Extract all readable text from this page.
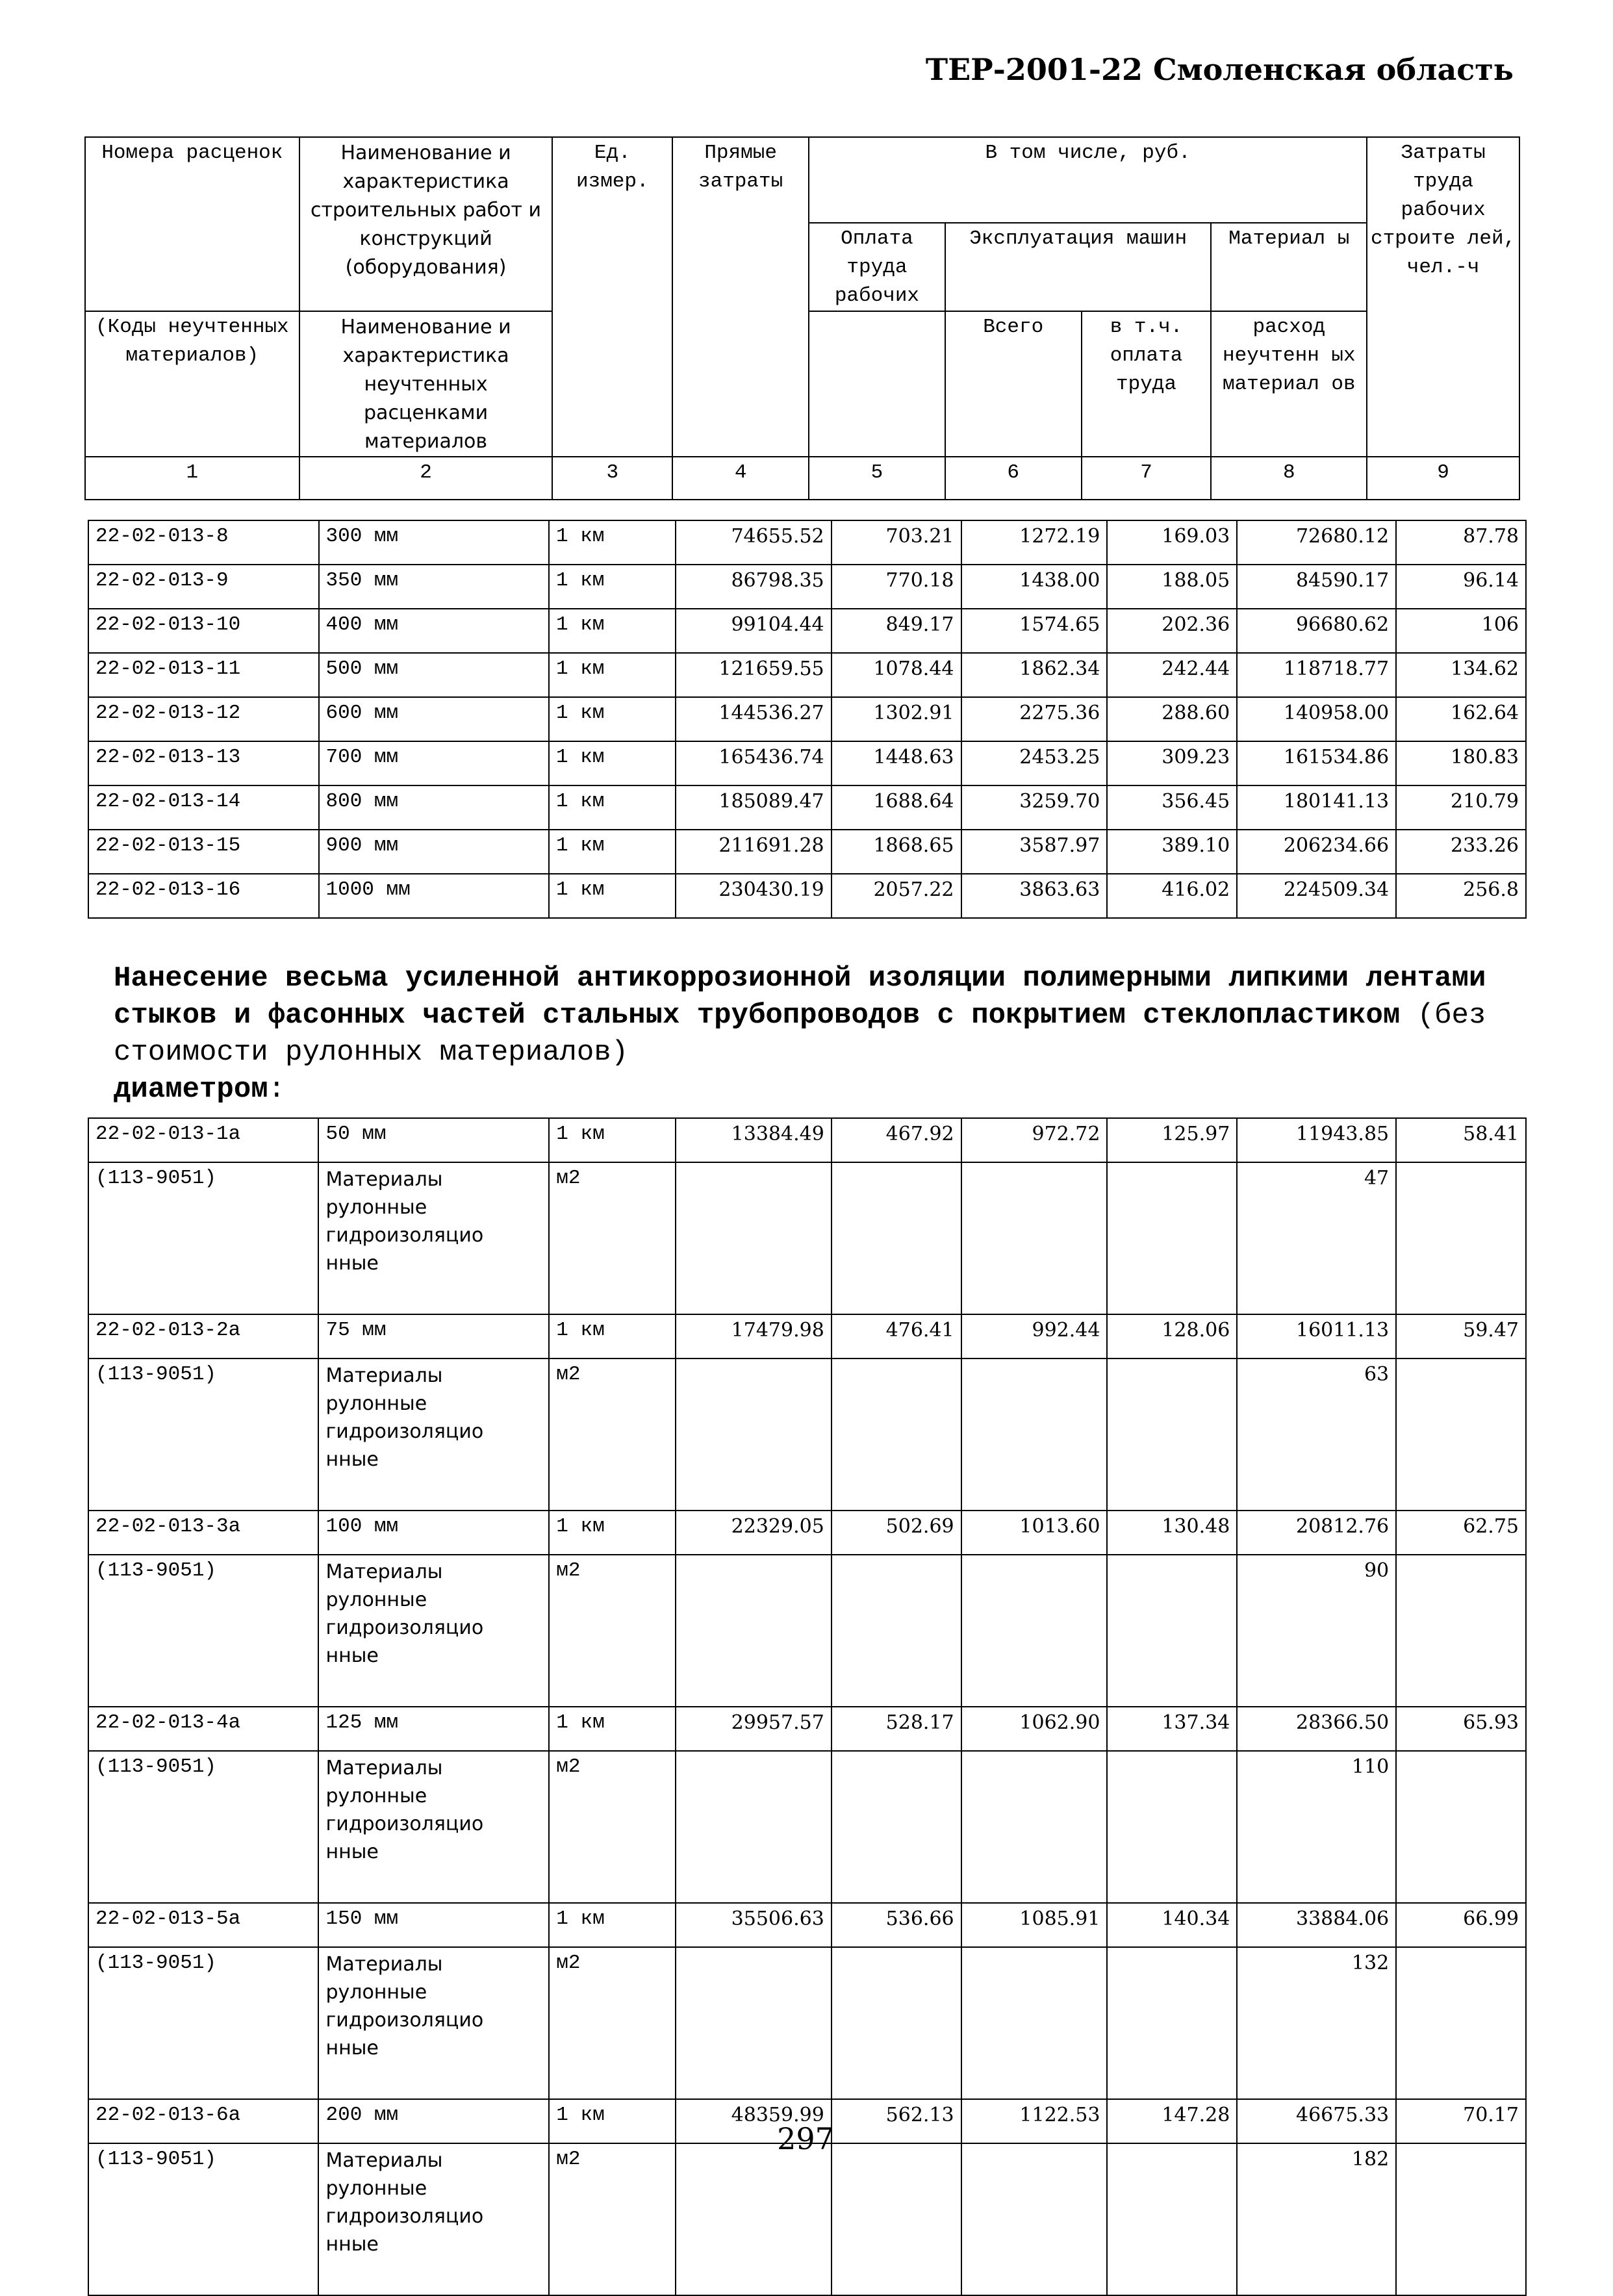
ТЕР-2001-22 Смоленская область
Номера расценок	Наименование и характеристика строительных работ и конструкций (оборудования)	Ед. измер.	Прямые затраты	В том числе, руб.				Затраты труда рабочих строите лей, чел.-ч
				Оплата труда рабочих	Эксплуатация машин		Материал ы	
(Коды неучтенных материалов)	Наименование и характеристика неучтенных расценками материалов				Всего	в т.ч. оплата труда	расход неучтенн ых материал ов	
1	2	3	4	5	6	7	8	9
22-02-013-8	300 мм	1 км	74655.52	703.21	1272.19	169.03	72680.12	87.78
22-02-013-9	350 мм	1 км	86798.35	770.18	1438.00	188.05	84590.17	96.14
22-02-013-10	400 мм	1 км	99104.44	849.17	1574.65	202.36	96680.62	106
22-02-013-11	500 мм	1 км	121659.55	1078.44	1862.34	242.44	118718.77	134.62
22-02-013-12	600 мм	1 км	144536.27	1302.91	2275.36	288.60	140958.00	162.64
22-02-013-13	700 мм	1 км	165436.74	1448.63	2453.25	309.23	161534.86	180.83
22-02-013-14	800 мм	1 км	185089.47	1688.64	3259.70	356.45	180141.13	210.79
22-02-013-15	900 мм	1 км	211691.28	1868.65	3587.97	389.10	206234.66	233.26
22-02-013-16	1000 мм	1 км	230430.19	2057.22	3863.63	416.02	224509.34	256.8
Нанесение весьма усиленной антикоррозионной изоляции полимерными липкими лентами стыков и фасонных частей стальных трубопроводов с покрытием стеклопластиком (без стоимости рулонных материалов)
диаметром:
22-02-013-1а	50 мм	1 км	13384.49	467.92	972.72	125.97	11943.85	58.41
(113-9051)	Материалы рулонные гидроизоляцио нные	м2					47	
22-02-013-2а	75 мм	1 км	17479.98	476.41	992.44	128.06	16011.13	59.47
(113-9051)	Материалы рулонные гидроизоляцио нные	м2					63	
22-02-013-3а	100 мм	1 км	22329.05	502.69	1013.60	130.48	20812.76	62.75
(113-9051)	Материалы рулонные гидроизоляцио нные	м2					90	
22-02-013-4а	125 мм	1 км	29957.57	528.17	1062.90	137.34	28366.50	65.93
(113-9051)	Материалы рулонные гидроизоляцио нные	м2					110	
22-02-013-5а	150 мм	1 км	35506.63	536.66	1085.91	140.34	33884.06	66.99
(113-9051)	Материалы рулонные гидроизоляцио нные	м2					132	
22-02-013-6а	200 мм	1 км	48359.99	562.13	1122.53	147.28	46675.33	70.17
(113-9051)	Материалы рулонные гидроизоляцио нные	м2					182	
297
